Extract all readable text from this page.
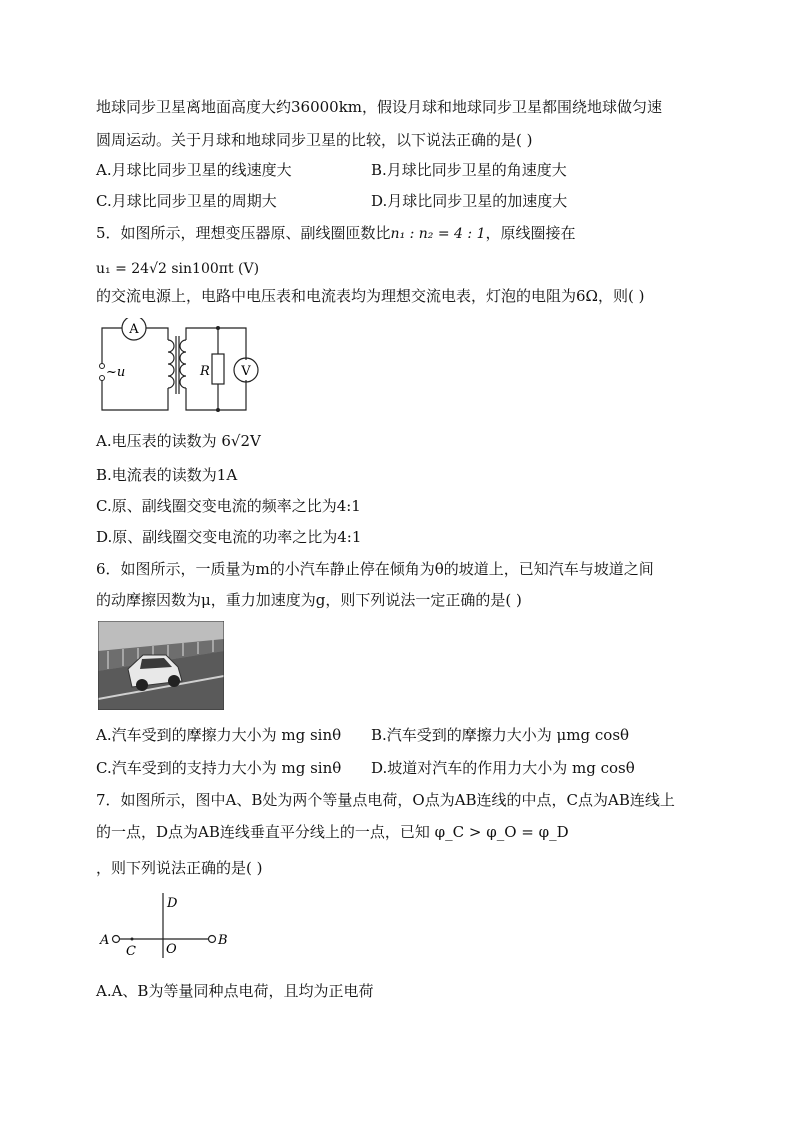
地球同步卫星离地面高度大约36000km，假设月球和地球同步卫星都围绕地球做匀速
圆周运动。关于月球和地球同步卫星的比较，以下说法正确的是( )
A.月球比同步卫星的线速度大	B.月球比同步卫星的角速度大
C.月球比同步卫星的周期大	D.月球比同步卫星的加速度大
5．如图所示，理想变压器原、副线圈匝数比n₁ : n₂ = 4 : 1，原线圈接在
u₁ = 24√2 sin100πt (V)
的交流电源上，电路中电压表和电流表均为理想交流电表，灯泡的电阻为6Ω，则( )
A
V
R
~u
A.电压表的读数为 6√2V
B.电流表的读数为1A
C.原、副线圈交变电流的频率之比为4:1
D.原、副线圈交变电流的功率之比为4:1
6．如图所示，一质量为m的小汽车静止停在倾角为θ的坡道上，已知汽车与坡道之间
的动摩擦因数为μ，重力加速度为g，则下列说法一定正确的是( )
A.汽车受到的摩擦力大小为 mg sinθ B.汽车受到的摩擦力大小为 μmg cosθ
C.汽车受到的支持力大小为 mg sinθ D.坡道对汽车的作用力大小为 mg cosθ
7．如图所示，图中A、B处为两个等量点电荷，O点为AB连线的中点，C点为AB连线上
的一点，D点为AB连线垂直平分线上的一点，已知 φ_C > φ_O = φ_D
，则下列说法正确的是( )
A	B
C O
D
A.A、B为等量同种点电荷，且均为正电荷
